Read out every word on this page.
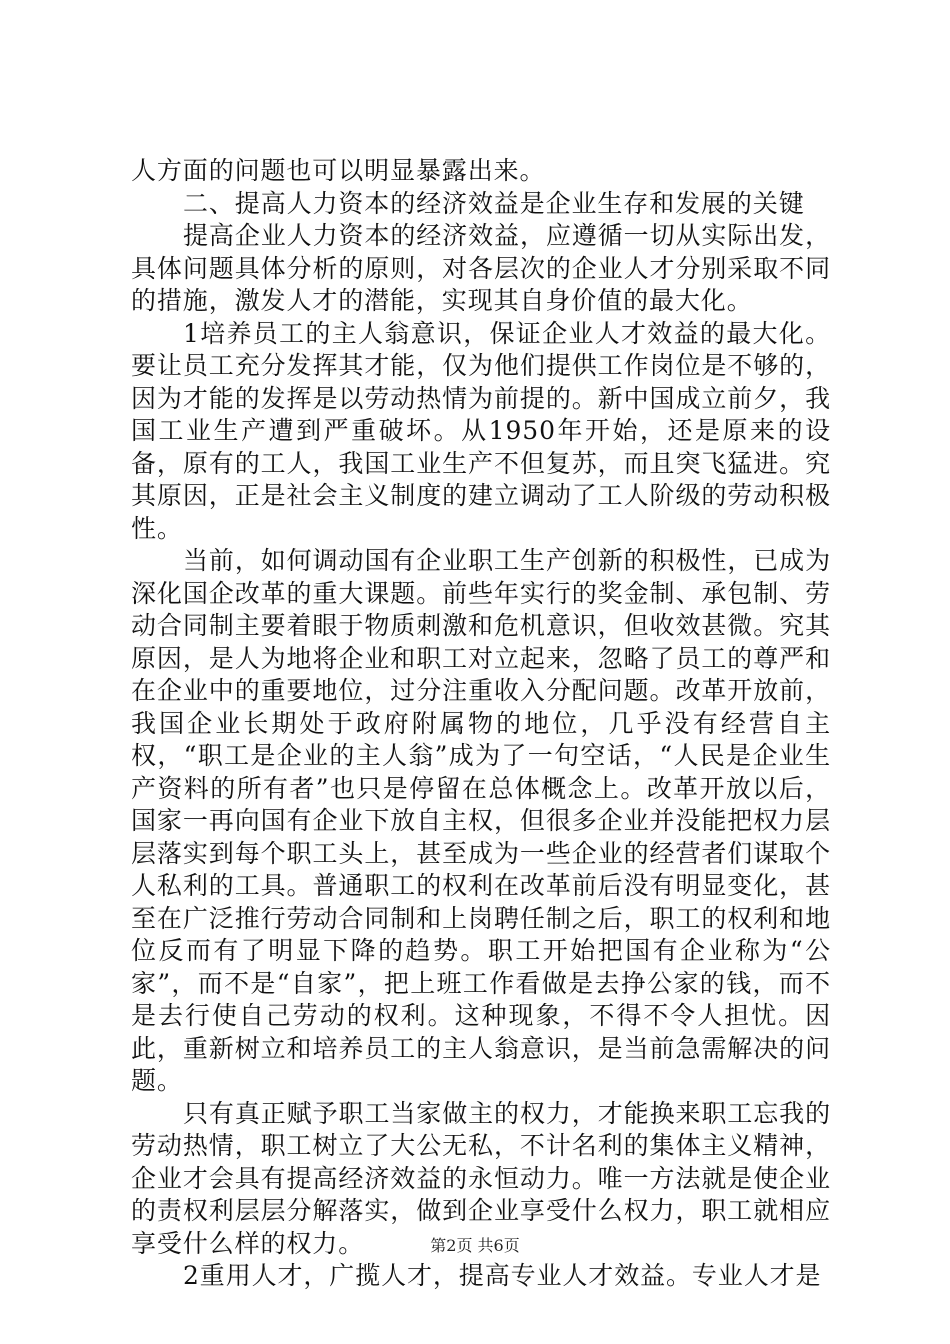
人方面的问题也可以明显暴露出来。

二、提高人力资本的经济效益是企业生存和发展的关键

提高企业人力资本的经济效益，应遵循一切从实际出发，具体问题具体分析的原则，对各层次的企业人才分别采取不同的措施，激发人才的潜能，实现其自身价值的最大化。

1培养员工的主人翁意识，保证企业人才效益的最大化。要让员工充分发挥其才能，仅为他们提供工作岗位是不够的，因为才能的发挥是以劳动热情为前提的。新中国成立前夕，我国工业生产遭到严重破坏。从1950年开始，还是原来的设备，原有的工人，我国工业生产不但复苏，而且突飞猛进。究其原因，正是社会主义制度的建立调动了工人阶级的劳动积极性。

当前，如何调动国有企业职工生产创新的积极性，已成为深化国企改革的重大课题。前些年实行的奖金制、承包制、劳动合同制主要着眼于物质刺激和危机意识，但收效甚微。究其原因，是人为地将企业和职工对立起来，忽略了员工的尊严和在企业中的重要地位，过分注重收入分配问题。改革开放前，我国企业长期处于政府附属物的地位，几乎没有经营自主权，“职工是企业的主人翁”成为了一句空话，“人民是企业生产资料的所有者”也只是停留在总体概念上。改革开放以后，国家一再向国有企业下放自主权，但很多企业并没能把权力层层落实到每个职工头上，甚至成为一些企业的经营者们谋取个人私利的工具。普通职工的权利在改革前后没有明显变化，甚至在广泛推行劳动合同制和上岗聘任制之后，职工的权利和地位反而有了明显下降的趋势。职工开始把国有企业称为“公家”，而不是“自家”，把上班工作看做是去挣公家的钱，而不是去行使自己劳动的权利。这种现象，不得不令人担忧。因此，重新树立和培养员工的主人翁意识，是当前急需解决的问题。

只有真正赋予职工当家做主的权力，才能换来职工忘我的劳动热情，职工树立了大公无私，不计名利的集体主义精神，企业才会具有提高经济效益的永恒动力。唯一方法就是使企业的责权利层层分解落实，做到企业享受什么权力，职工就相应享受什么样的权力。

2重用人才，广揽人才，提高专业人才效益。专业人才是

第2页 共6页
